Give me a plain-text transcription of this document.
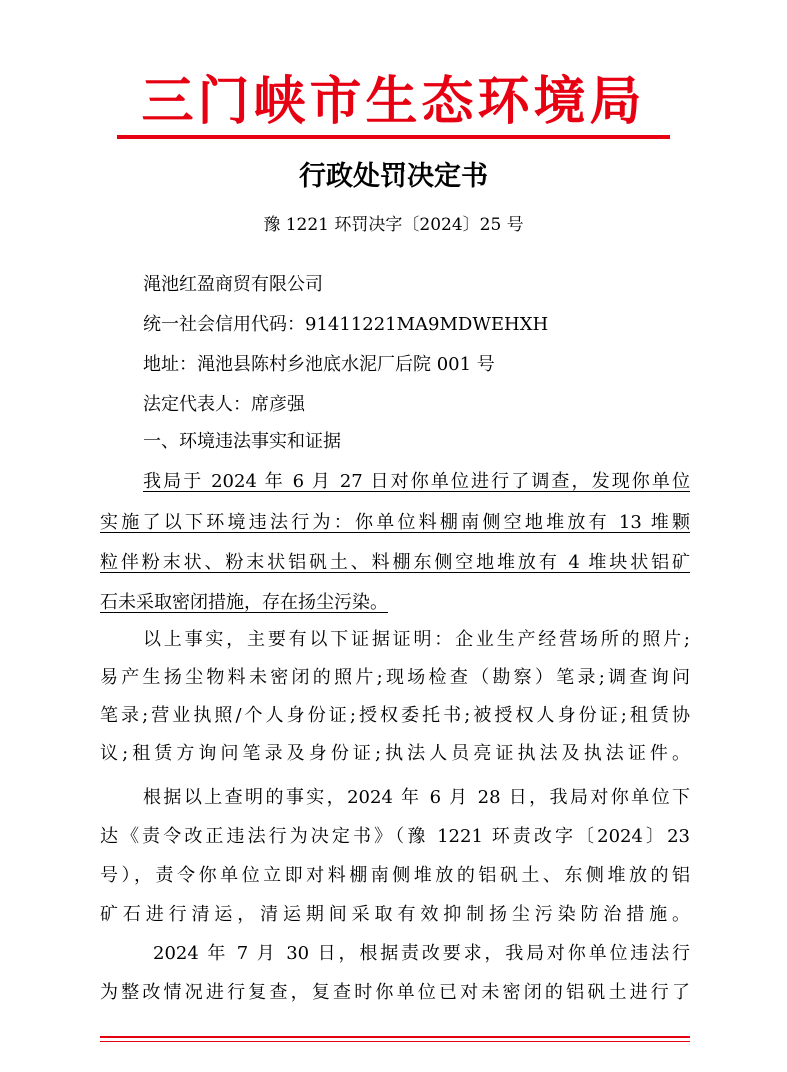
三门峡市生态环境局
行政处罚决定书
豫 1221 环罚决字〔2024〕25 号
渑池红盈商贸有限公司
统一社会信用代码：91411221MA9MDWEHXH
地址：渑池县陈村乡池底水泥厂后院 001 号
法定代表人：席彦强
一、环境违法事实和证据
我局于 2024 年 6 月 27 日对你单位进行了调查，发现你单位
实施了以下环境违法行为：你单位料棚南侧空地堆放有 13 堆颗
粒伴粉末状、粉末状铝矾土、料棚东侧空地堆放有 4 堆块状铝矿
石未采取密闭措施，存在扬尘污染。
以上事实，主要有以下证据证明：企业生产经营场所的照片;
易产生扬尘物料未密闭的照片;现场检查（勘察）笔录;调查询问
笔录;营业执照/个人身份证;授权委托书;被授权人身份证;租赁协
议;租赁方询问笔录及身份证;执法人员亮证执法及执法证件。
根据以上查明的事实，2024 年 6 月 28 日，我局对你单位下
达《责令改正违法行为决定书》（豫 1221 环责改字〔2024〕23
号），责令你单位立即对料棚南侧堆放的铝矾土、东侧堆放的铝
矿石进行清运，清运期间采取有效抑制扬尘污染防治措施。
2024 年 7 月 30 日，根据责改要求，我局对你单位违法行
为整改情况进行复查，复查时你单位已对未密闭的铝矾土进行了
